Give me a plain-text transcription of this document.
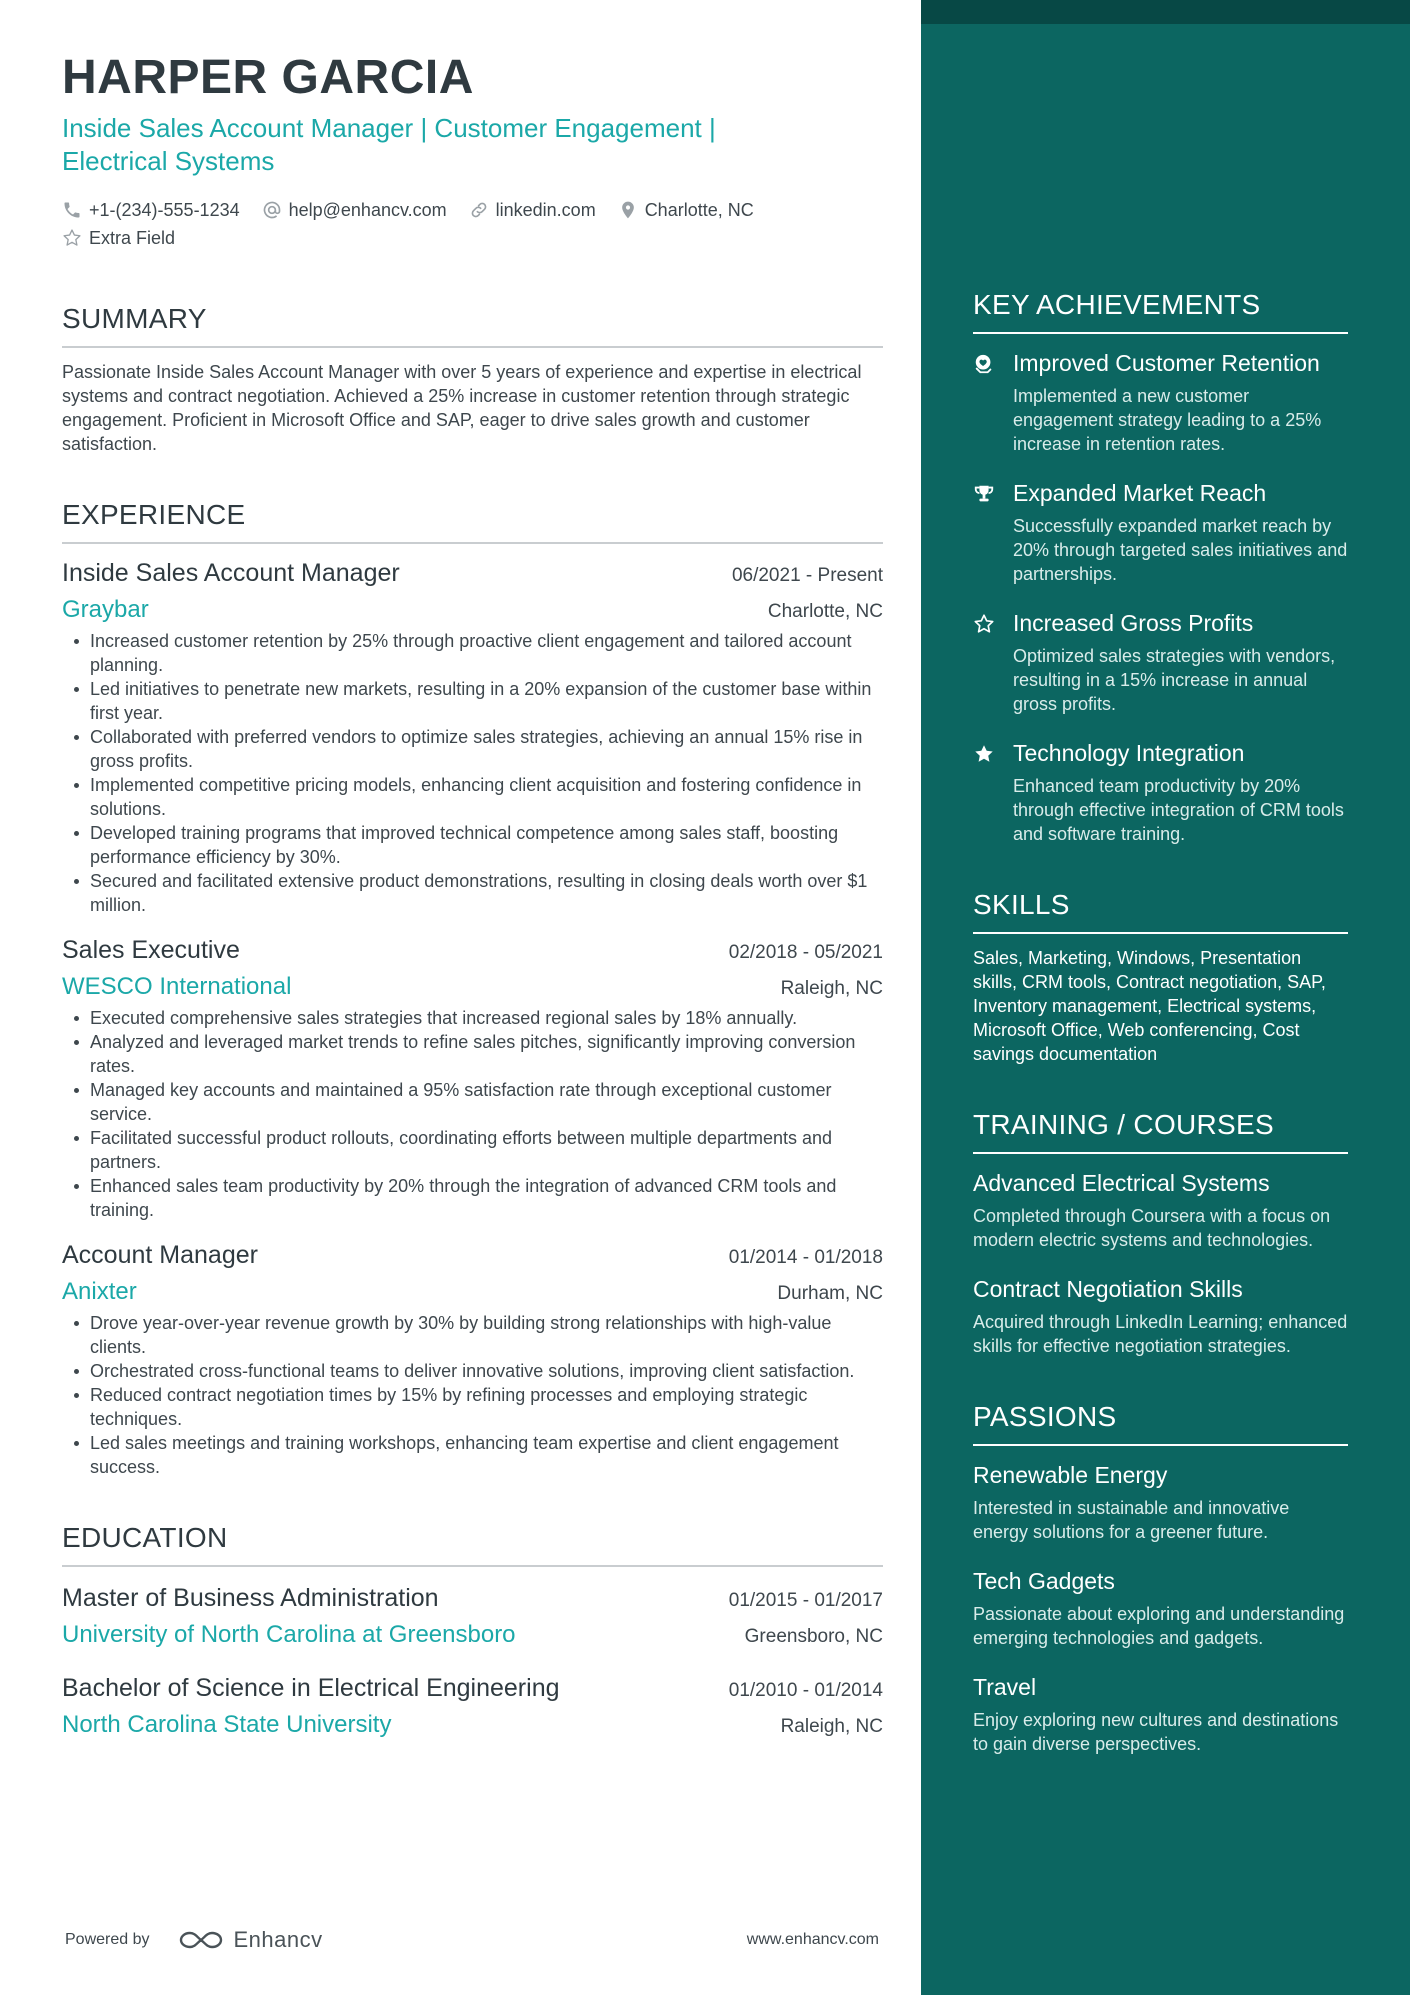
HARPER GARCIA
Inside Sales Account Manager | Customer Engagement | Electrical Systems
+1-(234)-555-1234	help@enhancv.com	linkedin.com	Charlotte, NC
Extra Field
SUMMARY
Passionate Inside Sales Account Manager with over 5 years of experience and expertise in electrical systems and contract negotiation. Achieved a 25% increase in customer retention through strategic engagement. Proficient in Microsoft Office and SAP, eager to drive sales growth and customer satisfaction.
EXPERIENCE
Inside Sales Account Manager	06/2021 - Present
Graybar	Charlotte, NC
Increased customer retention by 25% through proactive client engagement and tailored account planning.
Led initiatives to penetrate new markets, resulting in a 20% expansion of the customer base within first year.
Collaborated with preferred vendors to optimize sales strategies, achieving an annual 15% rise in gross profits.
Implemented competitive pricing models, enhancing client acquisition and fostering confidence in solutions.
Developed training programs that improved technical competence among sales staff, boosting performance efficiency by 30%.
Secured and facilitated extensive product demonstrations, resulting in closing deals worth over $1 million.
Sales Executive	02/2018 - 05/2021
WESCO International	Raleigh, NC
Executed comprehensive sales strategies that increased regional sales by 18% annually.
Analyzed and leveraged market trends to refine sales pitches, significantly improving conversion rates.
Managed key accounts and maintained a 95% satisfaction rate through exceptional customer service.
Facilitated successful product rollouts, coordinating efforts between multiple departments and partners.
Enhanced sales team productivity by 20% through the integration of advanced CRM tools and training.
Account Manager	01/2014 - 01/2018
Anixter	Durham, NC
Drove year-over-year revenue growth by 30% by building strong relationships with high-value clients.
Orchestrated cross-functional teams to deliver innovative solutions, improving client satisfaction.
Reduced contract negotiation times by 15% by refining processes and employing strategic techniques.
Led sales meetings and training workshops, enhancing team expertise and client engagement success.
EDUCATION
Master of Business Administration	01/2015 - 01/2017
University of North Carolina at Greensboro	Greensboro, NC
Bachelor of Science in Electrical Engineering	01/2010 - 01/2014
North Carolina State University	Raleigh, NC
Powered by	Enhancv	www.enhancv.com
KEY ACHIEVEMENTS
Improved Customer Retention
Implemented a new customer engagement strategy leading to a 25% increase in retention rates.
Expanded Market Reach
Successfully expanded market reach by 20% through targeted sales initiatives and partnerships.
Increased Gross Profits
Optimized sales strategies with vendors, resulting in a 15% increase in annual gross profits.
Technology Integration
Enhanced team productivity by 20% through effective integration of CRM tools and software training.
SKILLS
Sales, Marketing, Windows, Presentation skills, CRM tools, Contract negotiation, SAP, Inventory management, Electrical systems, Microsoft Office, Web conferencing, Cost savings documentation
TRAINING / COURSES
Advanced Electrical Systems
Completed through Coursera with a focus on modern electric systems and technologies.
Contract Negotiation Skills
Acquired through LinkedIn Learning; enhanced skills for effective negotiation strategies.
PASSIONS
Renewable Energy
Interested in sustainable and innovative energy solutions for a greener future.
Tech Gadgets
Passionate about exploring and understanding emerging technologies and gadgets.
Travel
Enjoy exploring new cultures and destinations to gain diverse perspectives.
